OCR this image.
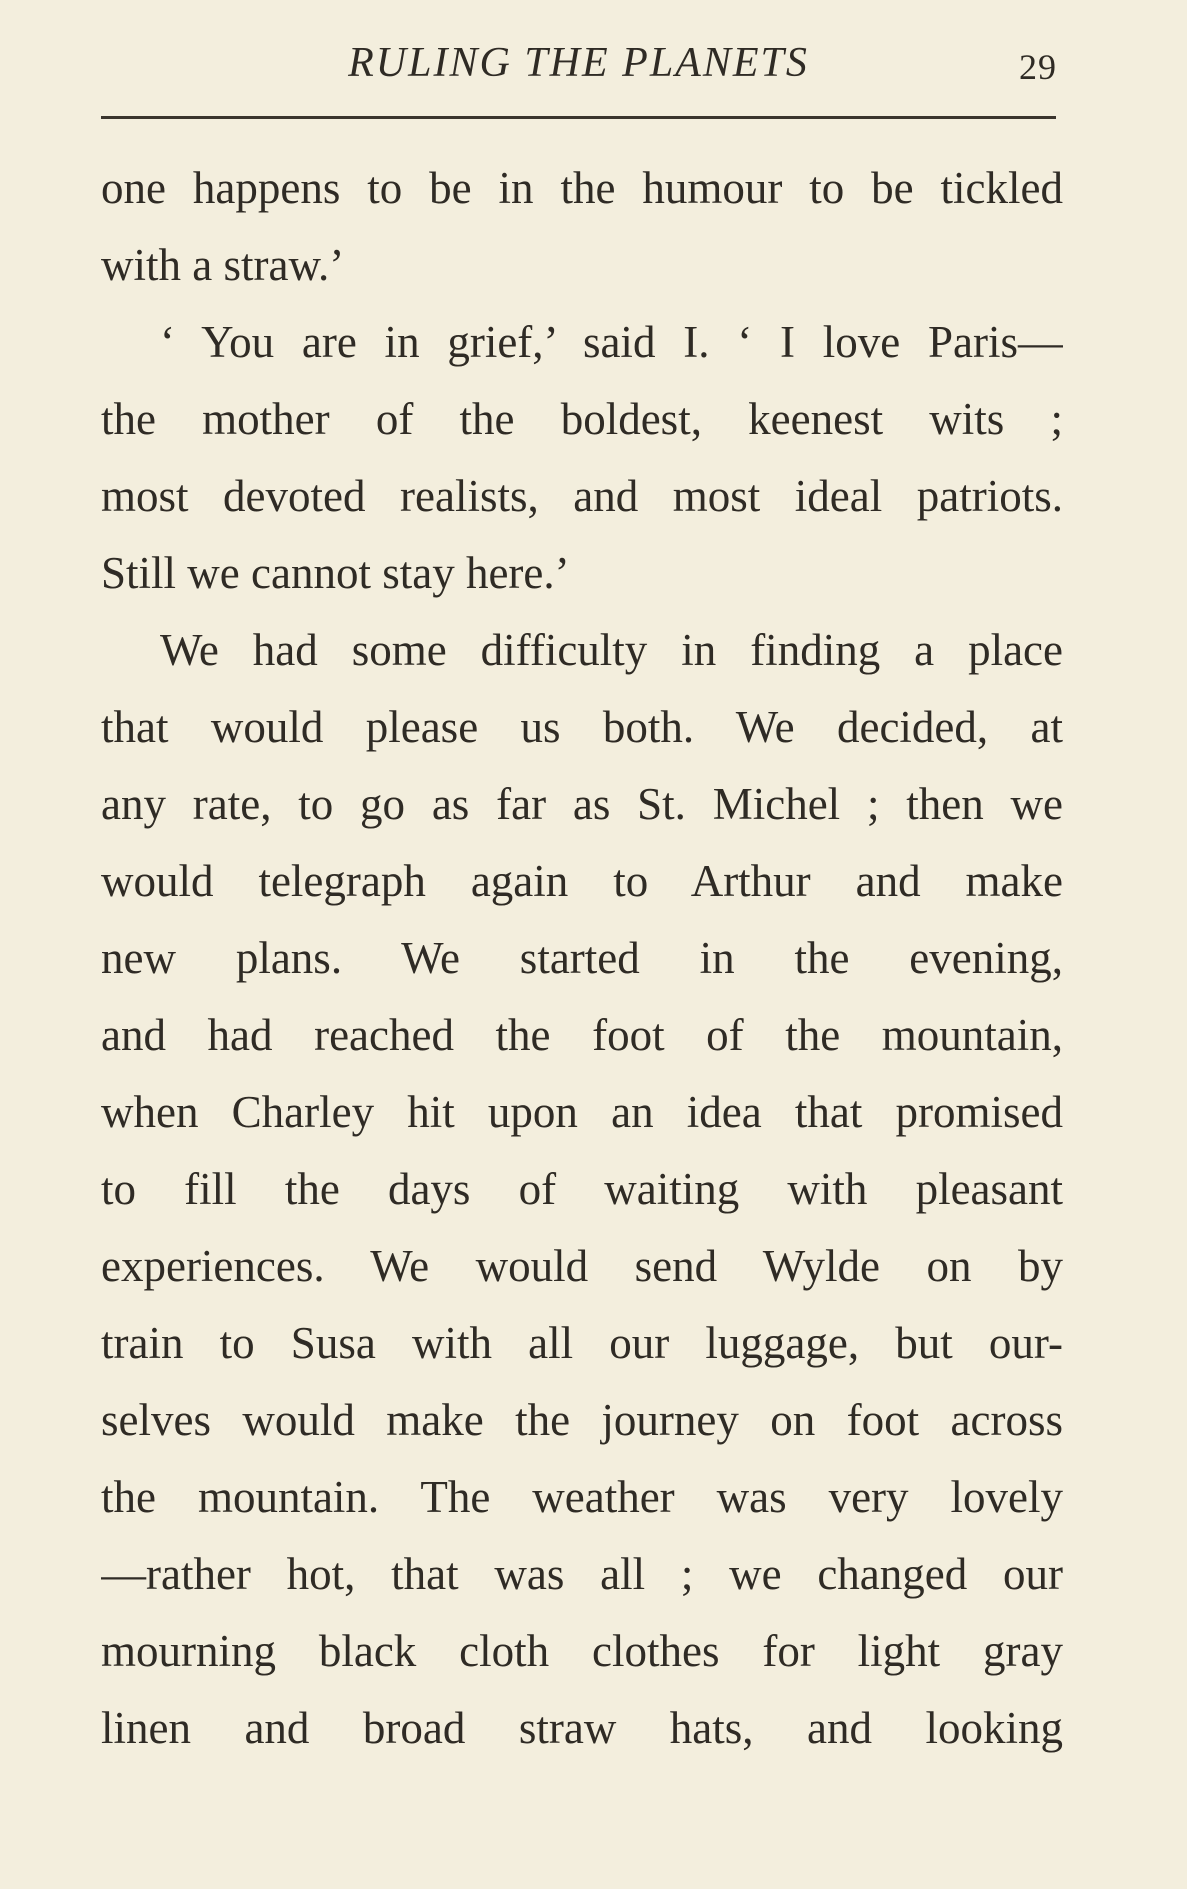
RULING THE PLANETS	29
one happens to be in the humour to be tickled
with a straw.’
‘ You are in grief,’ said I. ‘ I love Paris—
the mother of the boldest, keenest wits ;
most devoted realists, and most ideal patriots.
Still we cannot stay here.’
We had some difficulty in finding a place
that would please us both. We decided, at
any rate, to go as far as St. Michel ; then we
would telegraph again to Arthur and make
new plans. We started in the evening,
and had reached the foot of the mountain,
when Charley hit upon an idea that promised
to fill the days of waiting with pleasant
experiences. We would send Wylde on by
train to Susa with all our luggage, but our-
selves would make the journey on foot across
the mountain. The weather was very lovely
—rather hot, that was all ; we changed our
mourning black cloth clothes for light gray
linen and broad straw hats, and looking
